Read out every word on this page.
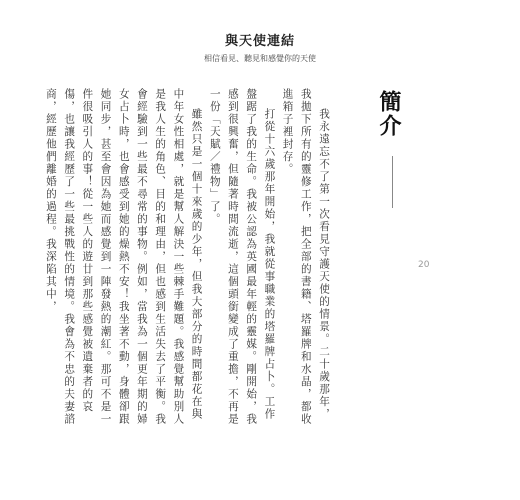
與天使連結
相信看見、聽見和感覺你的天使
簡介
20

我永遠忘不了第一次看見守護天使的情景。二十歲那年，我拋下所有的靈修工作，把全部的書籍、塔羅牌和水晶，都收進箱子裡封存。

打從十六歲那年開始，我就從事職業的塔羅牌占卜。工作盤踞了我的生命。我被公認為英國最年輕的靈媒。剛開始，我感到很興奮，但隨著時間流逝，這個頭銜變成了重擔，不再是一份「天賦／禮物」了。

雖然只是一個十來歲的少年，但我大部分的時間都花在與中年女性相處，就是幫人解決一些棘手難題。我感覺幫助別人是我人生的角色、目的和理由，但也感到生活失去了平衡。我會經驗到一些最不尋常的事物。例如，當我為一個更年期的婦女占卜時，也會感受到她的燥熱不安！我坐著不動，身體卻跟她同步，甚至會因為她而感覺到一陣發熱的潮紅。那可不是一件很吸引人的事！從一些人的遊廿到那些感覺被遺棄者的哀傷，也讓我經歷了一些最挑戰性的情境。我會為不忠的夫妻諮商，經歷他們離婚的過程。我深陷其中，
